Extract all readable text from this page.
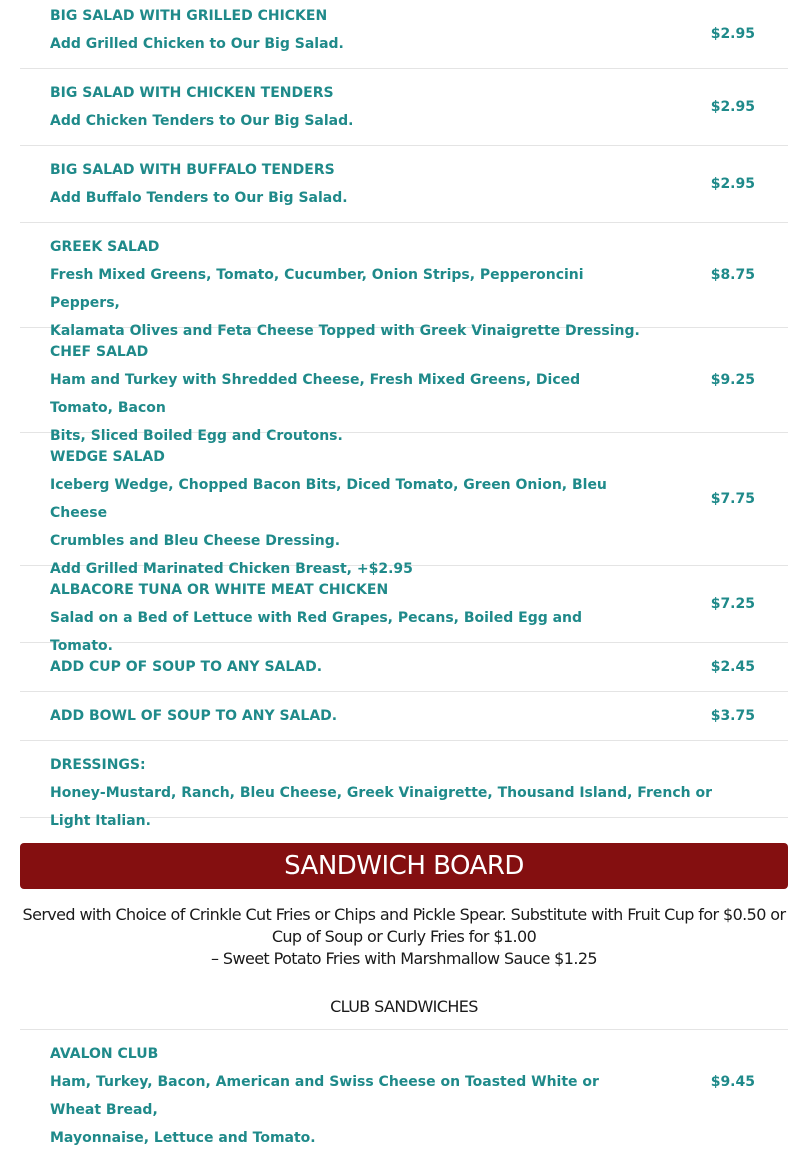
BIG SALAD WITH GRILLED CHICKEN
Add Grilled Chicken to Our Big Salad.
$2.95
BIG SALAD WITH CHICKEN TENDERS
Add Chicken Tenders to Our Big Salad.
$2.95
BIG SALAD WITH BUFFALO TENDERS
Add Buffalo Tenders to Our Big Salad.
$2.95
GREEK SALAD
Fresh Mixed Greens, Tomato, Cucumber, Onion Strips, Pepperoncini Peppers,
Kalamata Olives and Feta Cheese Topped with Greek Vinaigrette Dressing.
$8.75
CHEF SALAD
Ham and Turkey with Shredded Cheese, Fresh Mixed Greens, Diced Tomato, Bacon
Bits, Sliced Boiled Egg and Croutons.
$9.25
WEDGE SALAD
Iceberg Wedge, Chopped Bacon Bits, Diced Tomato, Green Onion, Bleu Cheese
Crumbles and Bleu Cheese Dressing.
Add Grilled Marinated Chicken Breast, +$2.95
$7.75
ALBACORE TUNA OR WHITE MEAT CHICKEN
Salad on a Bed of Lettuce with Red Grapes, Pecans, Boiled Egg and Tomato.
$7.25
ADD CUP OF SOUP TO ANY SALAD.	$2.45
ADD BOWL OF SOUP TO ANY SALAD.	$3.75
DRESSINGS:
Honey-Mustard, Ranch, Bleu Cheese, Greek Vinaigrette, Thousand Island, French or Light Italian.
SANDWICH BOARD
Served with Choice of Crinkle Cut Fries or Chips and Pickle Spear. Substitute with Fruit Cup for $0.50 or
Cup of Soup or Curly Fries for $1.00
– Sweet Potato Fries with Marshmallow Sauce $1.25
CLUB SANDWICHES
AVALON CLUB
Ham, Turkey, Bacon, American and Swiss Cheese on Toasted White or Wheat Bread,
Mayonnaise, Lettuce and Tomato.
$9.45
